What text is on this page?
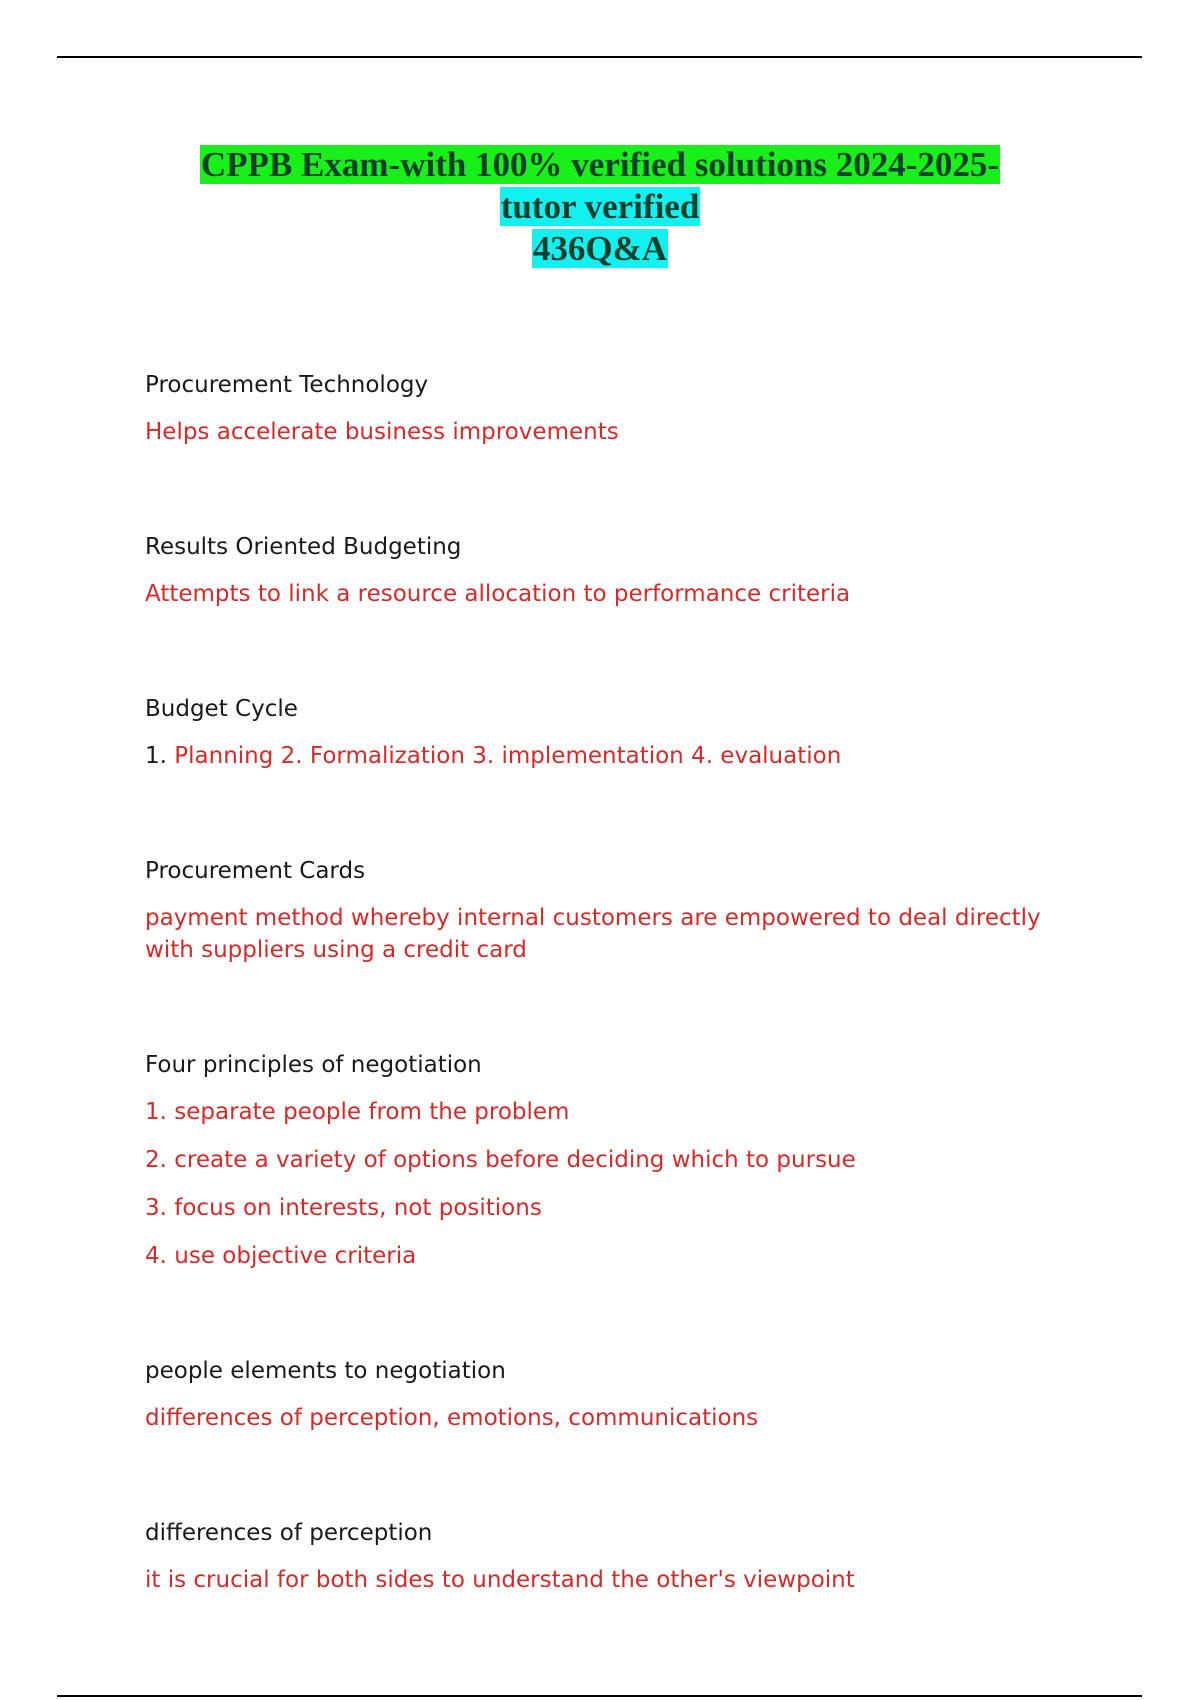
CPPB Exam-with 100% verified solutions 2024-2025-
tutor verified
436Q&A

Procurement Technology

Helps accelerate business improvements

Results Oriented Budgeting

Attempts to link a resource allocation to performance criteria

Budget Cycle

1. Planning 2. Formalization 3. implementation 4. evaluation

Procurement Cards

payment method whereby internal customers are empowered to deal directly with suppliers using a credit card

Four principles of negotiation

1. separate people from the problem

2. create a variety of options before deciding which to pursue

3. focus on interests, not positions

4. use objective criteria

people elements to negotiation

differences of perception, emotions, communications

differences of perception

it is crucial for both sides to understand the other's viewpoint
